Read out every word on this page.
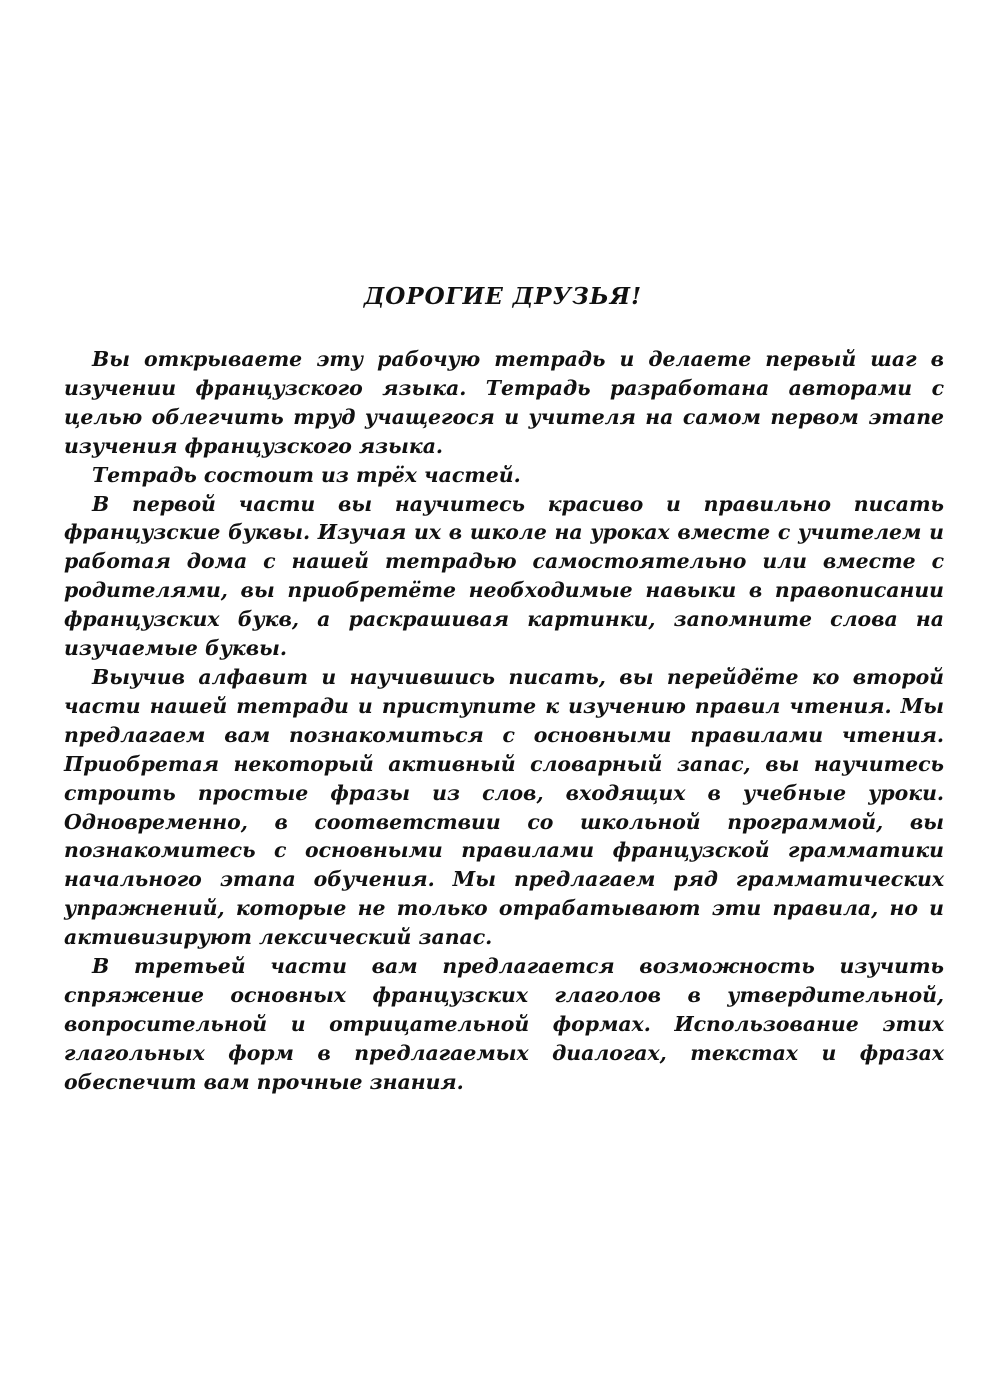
ДОРОГИЕ ДРУЗЬЯ!

Вы открываете эту рабочую тетрадь и делаете первый шаг в изучении французского языка. Тетрадь разработана авторами с целью облегчить труд учащегося и учителя на самом первом этапе изучения французского языка.

Тетрадь состоит из трёх частей.

В первой части вы научитесь красиво и правильно писать французские буквы. Изучая их в школе на уроках вместе с учителем и работая дома с нашей тетрадью самостоятельно или вместе с родителями, вы приобретёте необходимые навыки в правописании французских букв, а раскрашивая картинки, запомните слова на изучаемые буквы.

Выучив алфавит и научившись писать, вы перейдёте ко второй части нашей тетради и приступите к изучению правил чтения. Мы предлагаем вам познакомиться с основными правилами чтения. Приобретая некоторый активный словарный запас, вы научитесь строить простые фразы из слов, входящих в учебные уроки. Одновременно, в соответствии со школьной программой, вы познакомитесь с основными правилами французской грамматики начального этапа обучения. Мы предлагаем ряд грамматических упражнений, которые не только отрабатывают эти правила, но и активизируют лексический запас.

В третьей части вам предлагается возможность изучить спряжение основных французских глаголов в утвердительной, вопросительной и отрицательной формах. Использование этих глагольных форм в предлагаемых диалогах, текстах и фразах обеспечит вам прочные знания.
